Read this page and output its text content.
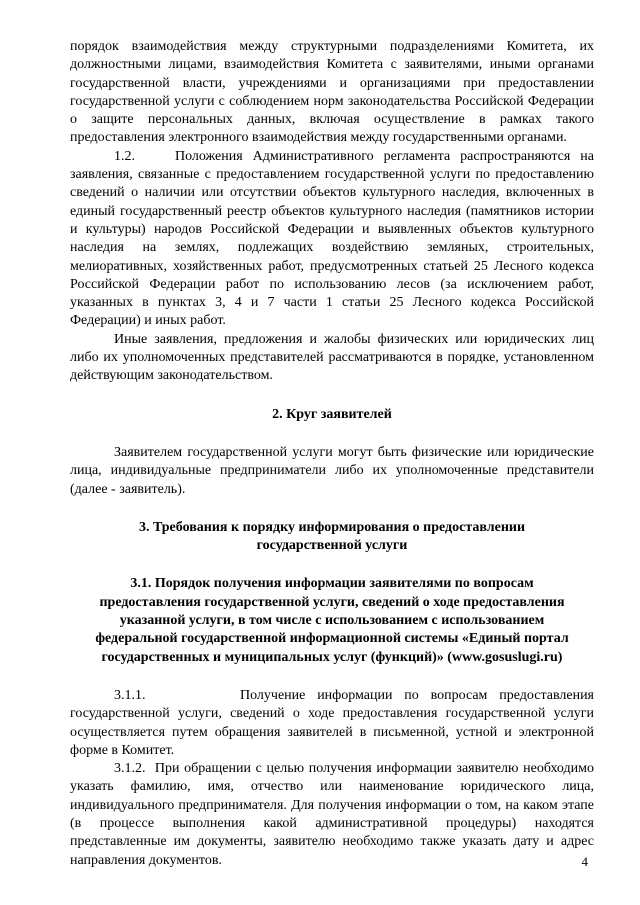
порядок взаимодействия между структурными подразделениями Комитета, их должностными лицами, взаимодействия Комитета с заявителями, иными органами государственной власти, учреждениями и организациями при предоставлении государственной услуги с соблюдением норм законодательства Российской Федерации о защите персональных данных, включая осуществление в рамках такого предоставления электронного взаимодействия между государственными органами.

1.2.    Положения Административного регламента распространяются на заявления, связанные с предоставлением государственной услуги по предоставлению сведений о наличии или отсутствии объектов культурного наследия, включенных в единый государственный реестр объектов культурного наследия (памятников истории и культуры) народов Российской Федерации и выявленных объектов культурного наследия на землях, подлежащих воздействию земляных, строительных, мелиоративных, хозяйственных работ, предусмотренных статьей 25 Лесного кодекса Российской Федерации работ по использованию лесов (за исключением работ, указанных в пунктах 3, 4 и 7 части 1 статьи 25 Лесного кодекса Российской Федерации) и иных работ.

Иные заявления, предложения и жалобы физических или юридических лиц либо их уполномоченных представителей рассматриваются в порядке, установленном действующим законодательством.

2. Круг заявителей

Заявителем государственной услуги могут быть физические или юридические лица, индивидуальные предприниматели либо их уполномоченные представители (далее - заявитель).

3. Требования к порядку информирования о предоставлении
государственной услуги
3.1. Порядок получения информации заявителями по вопросам
предоставления государственной услуги, сведений о ходе предоставления
указанной услуги, в том числе с использованием с использованием
федеральной государственной информационной системы «Единый портал
государственных и муниципальных услуг (функций)» (www.gosuslugi.ru)

3.1.1.        Получение информации по вопросам предоставления государственной услуги, сведений о ходе предоставления государственной услуги осуществляется путем обращения заявителей в письменной, устной и электронной форме в Комитет.

3.1.2.  При обращении с целью получения информации заявителю необходимо указать фамилию, имя, отчество или наименование юридического лица, индивидуального предпринимателя. Для получения информации о том, на каком этапе (в процессе выполнения какой административной процедуры) находятся представленные им документы, заявителю необходимо также указать дату и адрес направления документов.	4
